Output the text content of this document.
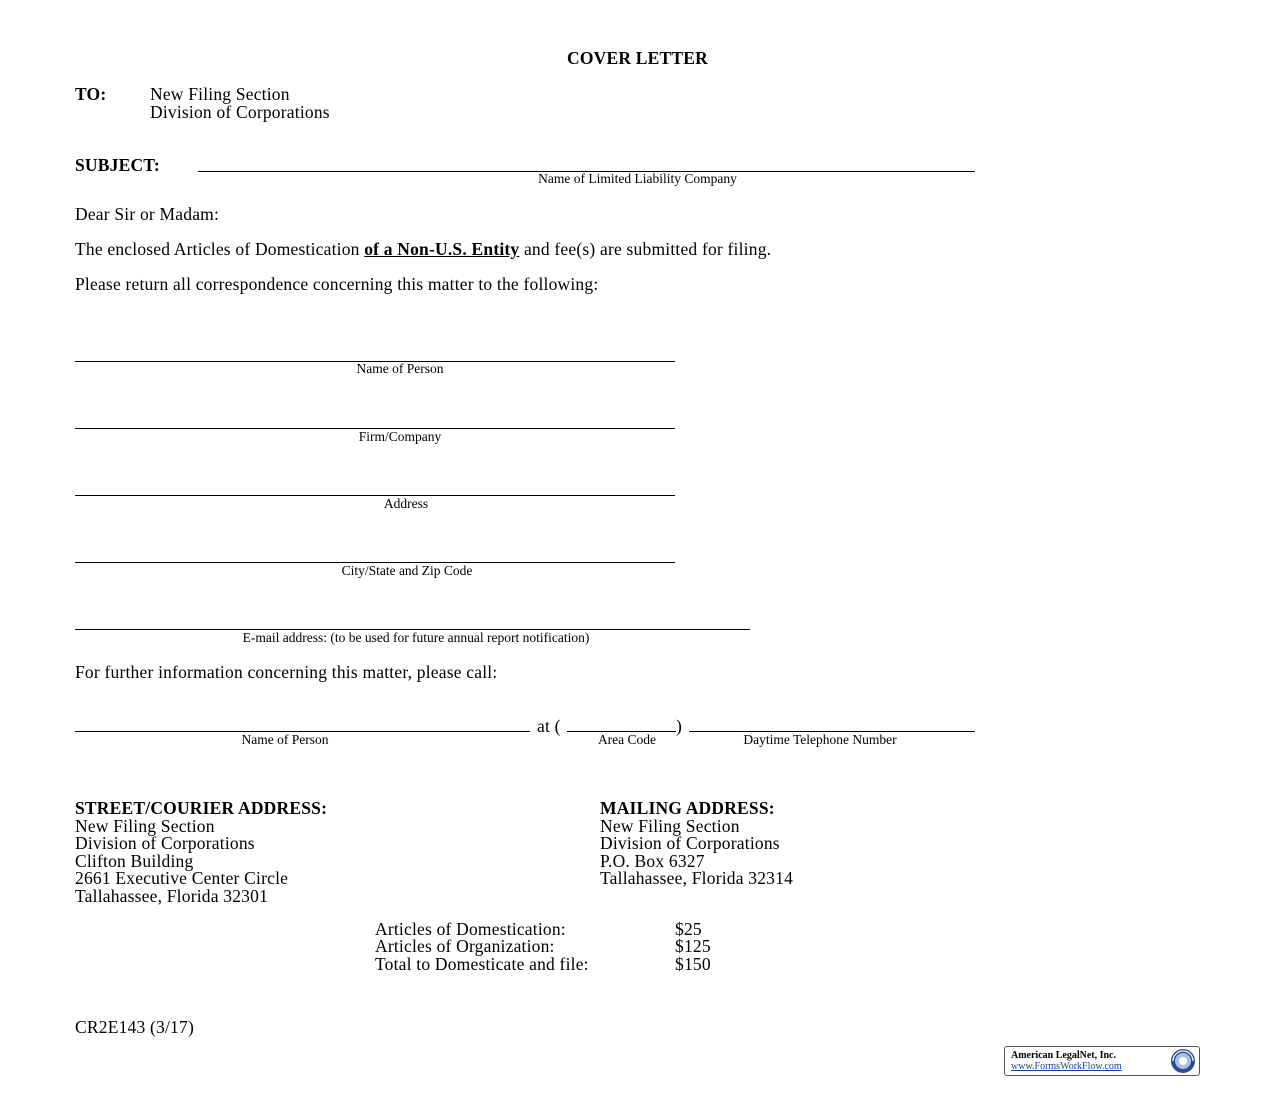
COVER LETTER
TO: New Filing Section
Division of Corporations
SUBJECT:
Name of Limited Liability Company
Dear Sir or Madam:
The enclosed Articles of Domestication of a Non-U.S. Entity and fee(s) are submitted for filing.
Please return all correspondence concerning this matter to the following:
Name of Person
Firm/Company
Address
City/State and Zip Code
E-mail address: (to be used for future annual report notification)
For further information concerning this matter, please call:
at (	)
Name of Person	Area Code	Daytime Telephone Number
STREET/COURIER ADDRESS:
New Filing Section
Division of Corporations
Clifton Building
2661 Executive Center Circle
Tallahassee, Florida 32301
MAILING ADDRESS:
New Filing Section
Division of Corporations
P.O. Box 6327
Tallahassee, Florida 32314
Articles of Domestication:	$25
Articles of Organization:	$125
Total to Domesticate and file:	$150
CR2E143 (3/17)
American LegalNet, Inc.
www.FormsWorkFlow.com
